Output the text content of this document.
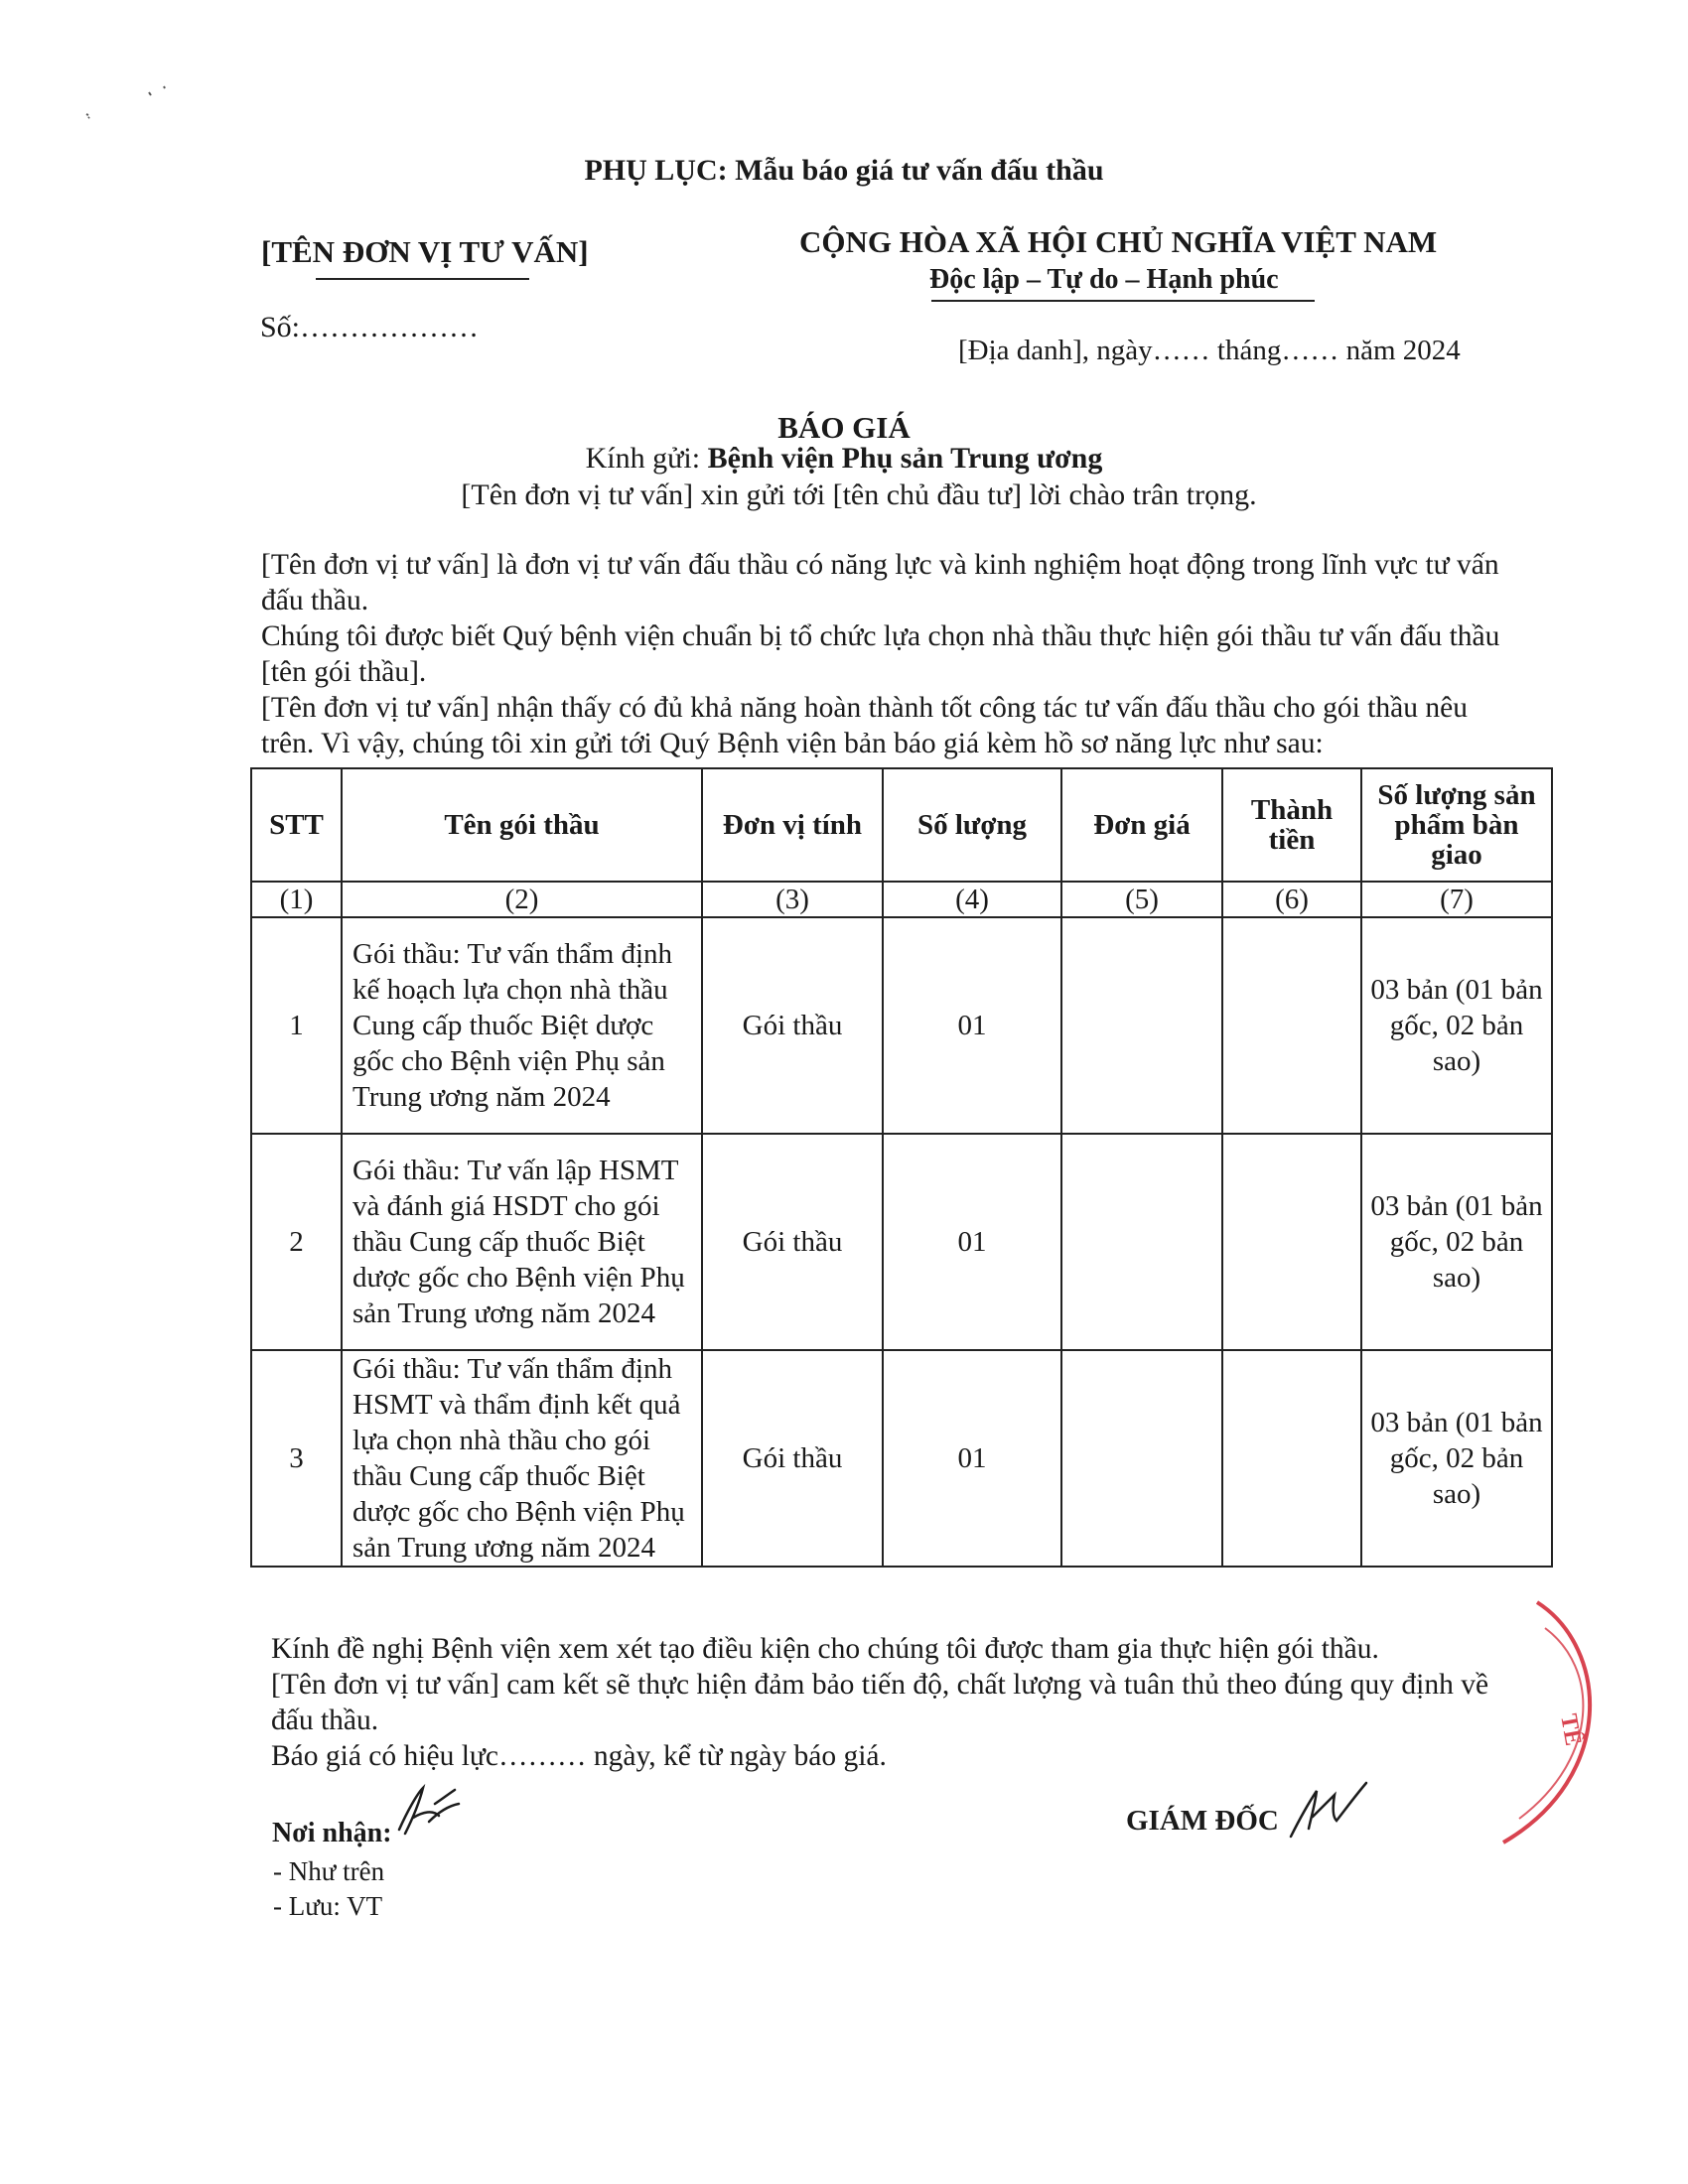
PHỤ LỤC: Mẫu báo giá tư vấn đấu thầu
[TÊN ĐƠN VỊ TƯ VẤN]
Số:………………
CỘNG HÒA XÃ HỘI CHỦ NGHĨA VIỆT NAM
Độc lập – Tự do – Hạnh phúc
[Địa danh], ngày…… tháng…… năm 2024
BÁO GIÁ
Kính gửi: Bệnh viện Phụ sản Trung ương
[Tên đơn vị tư vấn] xin gửi tới [tên chủ đầu tư] lời chào trân trọng.

[Tên đơn vị tư vấn] là đơn vị tư vấn đấu thầu có năng lực và kinh nghiệm hoạt động trong lĩnh vực tư vấn đấu thầu.

Chúng tôi được biết Quý bệnh viện chuẩn bị tổ chức lựa chọn nhà thầu thực hiện gói thầu tư vấn đấu thầu [tên gói thầu].

[Tên đơn vị tư vấn] nhận thấy có đủ khả năng hoàn thành tốt công tác tư vấn đấu thầu cho gói thầu nêu trên. Vì vậy, chúng tôi xin gửi tới Quý Bệnh viện bản báo giá kèm hồ sơ năng lực như sau:

STT	Tên gói thầu	Đơn vị tính	Số lượng	Đơn giá	Thành tiền	Số lượng sản phẩm bàn giao
(1)	(2)	(3)	(4)	(5)	(6)	(7)
1	Gói thầu: Tư vấn thẩm định kế hoạch lựa chọn nhà thầu Cung cấp thuốc Biệt dược gốc cho Bệnh viện Phụ sản Trung ương năm 2024	Gói thầu	01			03 bản (01 bản gốc, 02 bản sao)
2	Gói thầu: Tư vấn lập HSMT và đánh giá HSDT cho gói thầu Cung cấp thuốc Biệt dược gốc cho Bệnh viện Phụ sản Trung ương năm 2024	Gói thầu	01			03 bản (01 bản gốc, 02 bản sao)
3	Gói thầu: Tư vấn thẩm định HSMT và thẩm định kết quả lựa chọn nhà thầu cho gói thầu Cung cấp thuốc Biệt dược gốc cho Bệnh viện Phụ sản Trung ương năm 2024	Gói thầu	01			03 bản (01 bản gốc, 02 bản sao)

Kính đề nghị Bệnh viện xem xét tạo điều kiện cho chúng tôi được tham gia thực hiện gói thầu.

[Tên đơn vị tư vấn] cam kết sẽ thực hiện đảm bảo tiến độ, chất lượng và tuân thủ theo đúng quy định về đấu thầu.

Báo giá có hiệu lực……… ngày, kể từ ngày báo giá.

Nơi nhận:
- Như trên
- Lưu: VT
GIÁM ĐỐC
TẾ
